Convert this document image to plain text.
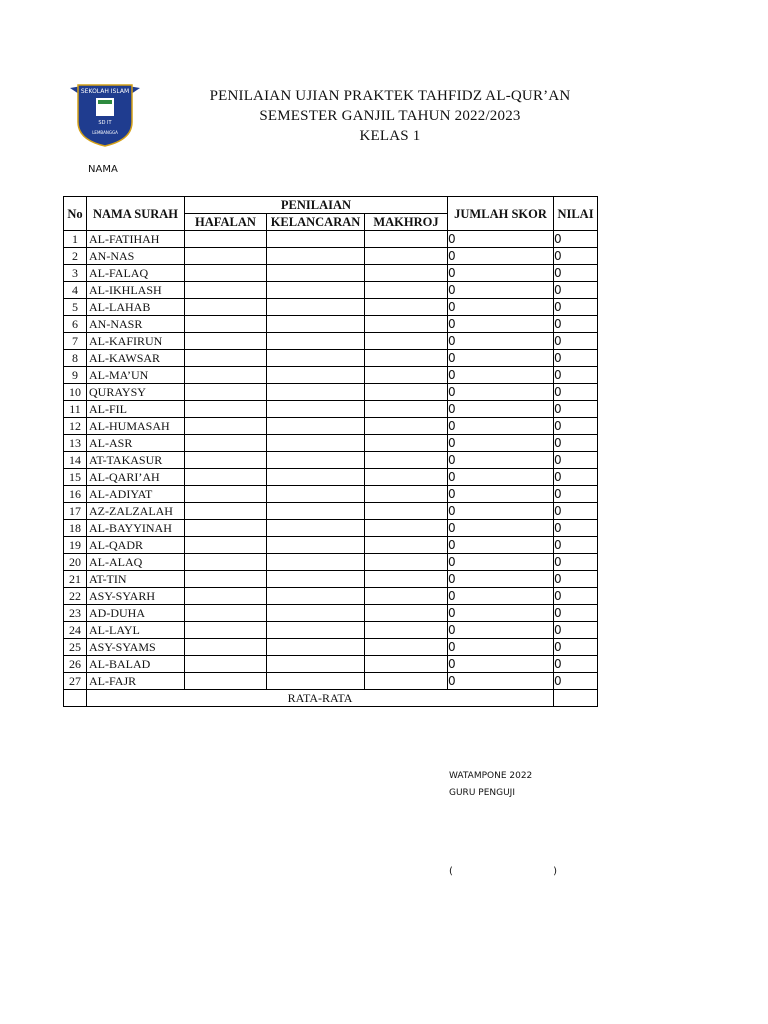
SEKOLAH ISLAM
SD IT
LEMBANGGA
PENILAIAN UJIAN PRAKTEK TAHFIDZ AL-QUR’AN
SEMESTER GANJIL TAHUN 2022/2023
KELAS 1
NAMA
No	NAMA SURAH	PENILAIAN			JUMLAH SKOR	NILAI
		HAFALAN	KELANCARAN	MAKHROJ		
1	AL-FATIHAH				0	0
2	AN-NAS				0	0
3	AL-FALAQ				0	0
4	AL-IKHLASH				0	0
5	AL-LAHAB				0	0
6	AN-NASR				0	0
7	AL-KAFIRUN				0	0
8	AL-KAWSAR				0	0
9	AL-MA’UN				0	0
10	QURAYSY				0	0
11	AL-FIL				0	0
12	AL-HUMASAH				0	0
13	AL-ASR				0	0
14	AT-TAKASUR				0	0
15	AL-QARI’AH				0	0
16	AL-ADIYAT				0	0
17	AZ-ZALZALAH				0	0
18	AL-BAYYINAH				0	0
19	AL-QADR				0	0
20	AL-ALAQ				0	0
21	AT-TIN				0	0
22	ASY-SYARH				0	0
23	AD-DUHA				0	0
24	AL-LAYL				0	0
25	ASY-SYAMS				0	0
26	AL-BALAD				0	0
27	AL-FAJR				0	0
	RATA-RATA					
WATAMPONE 2022
GURU PENGUJI
(	)
